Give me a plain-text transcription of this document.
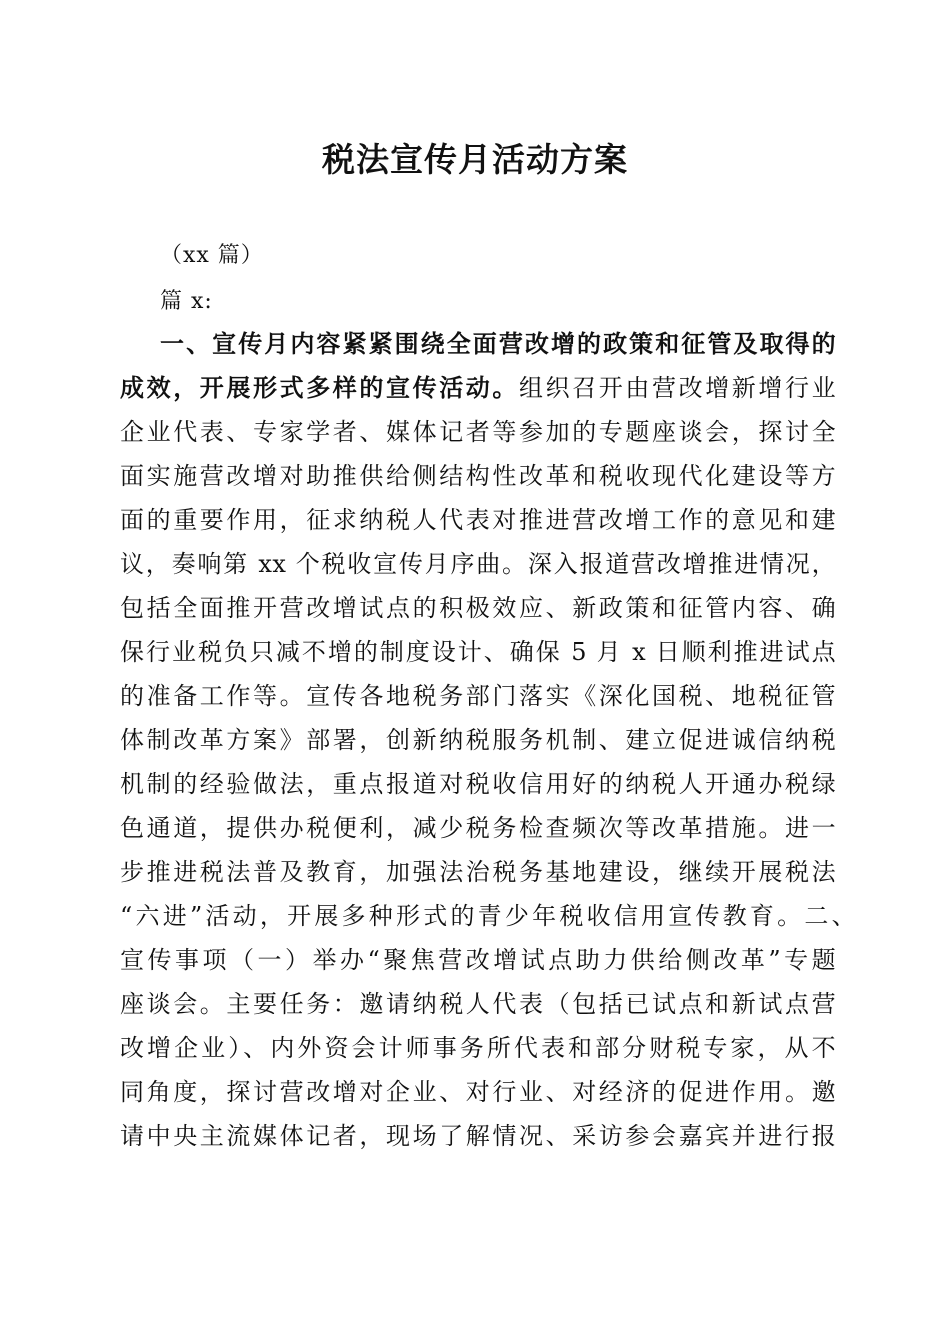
税法宣传月活动方案
（xx 篇）
篇 x:
一、宣传月内容紧紧围绕全面营改增的政策和征管及取得的
成效，开展形式多样的宣传活动。组织召开由营改增新增行业
企业代表、专家学者、媒体记者等参加的专题座谈会，探讨全
面实施营改增对助推供给侧结构性改革和税收现代化建设等方
面的重要作用，征求纳税人代表对推进营改增工作的意见和建
议，奏响第 xx 个税收宣传月序曲。深入报道营改增推进情况，
包括全面推开营改增试点的积极效应、新政策和征管内容、确
保行业税负只减不增的制度设计、确保 5 月 x 日顺利推进试点
的准备工作等。宣传各地税务部门落实《深化国税、地税征管
体制改革方案》部署，创新纳税服务机制、建立促进诚信纳税
机制的经验做法，重点报道对税收信用好的纳税人开通办税绿
色通道，提供办税便利，减少税务检查频次等改革措施。进一
步推进税法普及教育，加强法治税务基地建设，继续开展税法
“六进”活动，开展多种形式的青少年税收信用宣传教育。二、
宣传事项（一）举办“聚焦营改增试点助力供给侧改革”专题
座谈会。主要任务：邀请纳税人代表（包括已试点和新试点营
改增企业）、内外资会计师事务所代表和部分财税专家，从不
同角度，探讨营改增对企业、对行业、对经济的促进作用。邀
请中央主流媒体记者，现场了解情况、采访参会嘉宾并进行报
